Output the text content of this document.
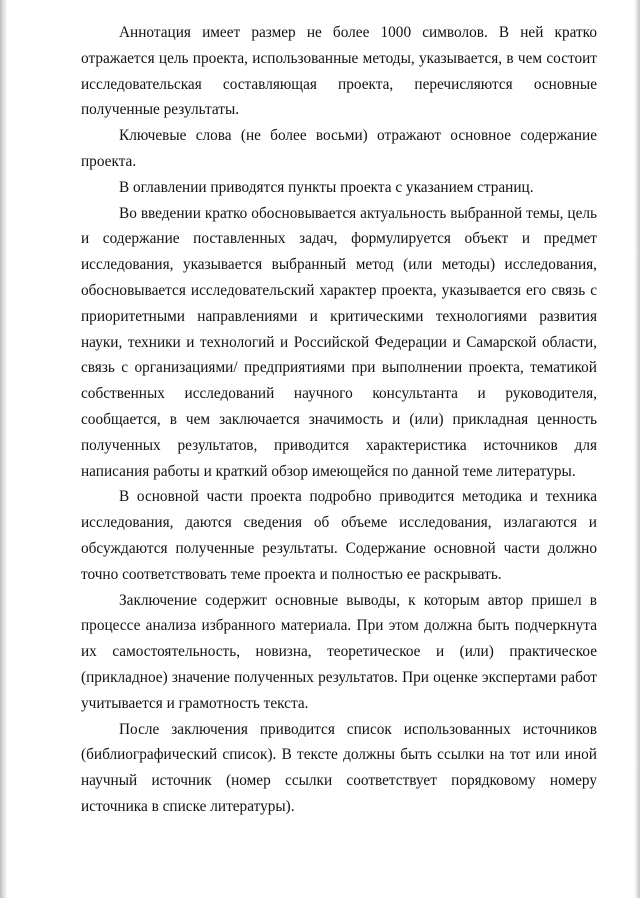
Аннотация имеет размер не более 1000 символов. В ней кратко отражается цель проекта, использованные методы, указывается, в чем состоит исследовательская составляющая проекта, перечисляются основные полученные результаты.

Ключевые слова (не более восьми) отражают основное содержание проекта.

В оглавлении приводятся пункты проекта с указанием страниц.

Во введении кратко обосновывается актуальность выбранной темы, цель и содержание поставленных задач, формулируется объект и предмет исследования, указывается выбранный метод (или методы) исследования, обосновывается исследовательский характер проекта, указывается его связь с приоритетными направлениями и критическими технологиями развития науки, техники и технологий и Российской Федерации и Самарской области, связь с организациями/ предприятиями при выполнении проекта, тематикой собственных исследований научного консультанта и руководителя, сообщается, в чем заключается значимость и (или) прикладная ценность полученных результатов, приводится характеристика источников для написания работы и краткий обзор имеющейся по данной теме литературы.

В основной части проекта подробно приводится методика и техника исследования, даются сведения об объеме исследования, излагаются и обсуждаются полученные результаты. Содержание основной части должно точно соответствовать теме проекта и полностью ее раскрывать.

Заключение содержит основные выводы, к которым автор пришел в процессе анализа избранного материала. При этом должна быть подчеркнута их самостоятельность, новизна, теоретическое и (или) практическое (прикладное) значение полученных результатов. При оценке экспертами работ учитывается и грамотность текста.

После заключения приводится список использованных источников (библиографический список). В тексте должны быть ссылки на тот или иной научный источник (номер ссылки соответствует порядковому номеру источника в списке литературы).
